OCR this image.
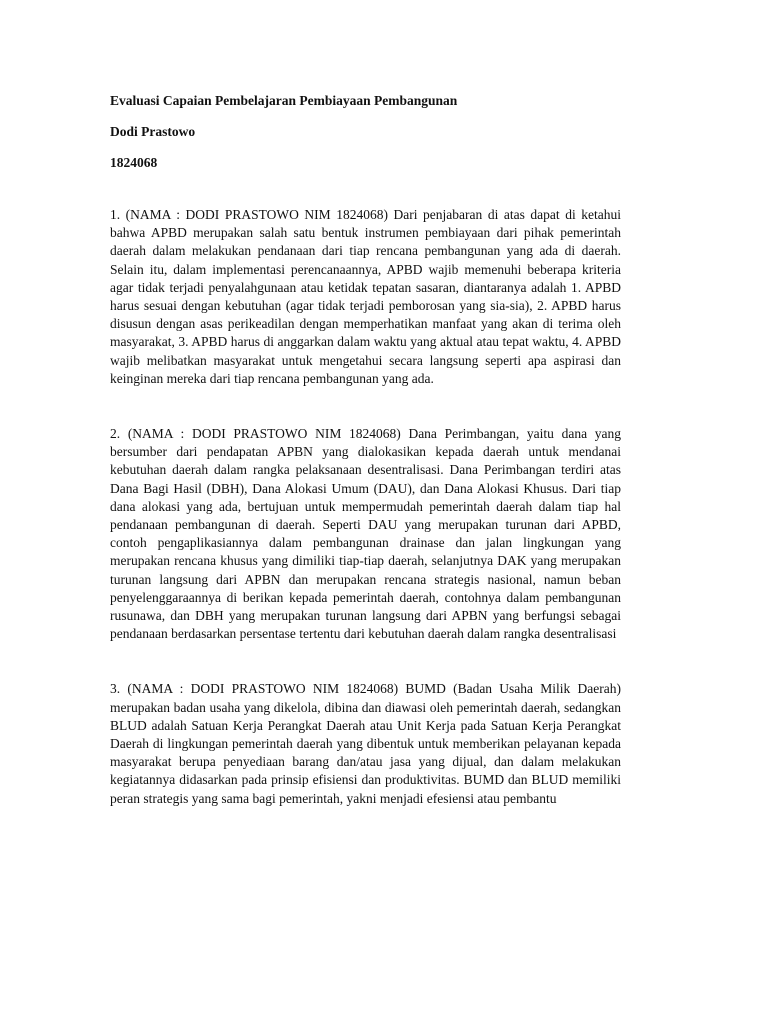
Evaluasi Capaian Pembelajaran Pembiayaan Pembangunan

Dodi Prastowo

1824068

1. (NAMA : DODI PRASTOWO NIM 1824068) Dari penjabaran di atas dapat di ketahui bahwa APBD merupakan salah satu bentuk instrumen pembiayaan dari pihak pemerintah daerah dalam melakukan pendanaan dari tiap rencana pembangunan yang ada di daerah. Selain itu, dalam implementasi perencanaannya, APBD wajib memenuhi beberapa kriteria agar tidak terjadi penyalahgunaan atau ketidak tepatan sasaran, diantaranya adalah 1. APBD harus sesuai dengan kebutuhan (agar tidak terjadi pemborosan yang sia-sia), 2. APBD harus disusun dengan asas perikeadilan dengan memperhatikan manfaat yang akan di terima oleh masyarakat, 3. APBD harus di anggarkan dalam waktu yang aktual atau tepat waktu, 4. APBD wajib melibatkan masyarakat untuk mengetahui secara langsung seperti apa aspirasi dan keinginan mereka dari tiap rencana pembangunan yang ada.

2. (NAMA : DODI PRASTOWO NIM 1824068) Dana Perimbangan, yaitu dana yang bersumber dari pendapatan APBN yang dialokasikan kepada daerah untuk mendanai kebutuhan daerah dalam rangka pelaksanaan desentralisasi. Dana Perimbangan terdiri atas Dana Bagi Hasil (DBH), Dana Alokasi Umum (DAU), dan Dana Alokasi Khusus. Dari tiap dana alokasi yang ada, bertujuan untuk mempermudah pemerintah daerah dalam tiap hal pendanaan pembangunan di daerah. Seperti DAU yang merupakan turunan dari APBD, contoh pengaplikasiannya dalam pembangunan drainase dan jalan lingkungan yang merupakan rencana khusus yang dimiliki tiap-tiap daerah, selanjutnya DAK yang merupakan turunan langsung dari APBN dan merupakan rencana strategis nasional, namun beban penyelenggaraannya di berikan kepada pemerintah daerah, contohnya dalam pembangunan rusunawa, dan DBH yang merupakan turunan langsung dari APBN yang berfungsi sebagai pendanaan berdasarkan persentase tertentu dari kebutuhan daerah dalam rangka desentralisasi

3. (NAMA : DODI PRASTOWO NIM 1824068) BUMD (Badan Usaha Milik Daerah) merupakan badan usaha yang dikelola, dibina dan diawasi oleh pemerintah daerah, sedangkan BLUD adalah Satuan Kerja Perangkat Daerah atau Unit Kerja pada Satuan Kerja Perangkat Daerah di lingkungan pemerintah daerah yang dibentuk untuk memberikan pelayanan kepada masyarakat berupa penyediaan barang dan/atau jasa yang dijual, dan dalam melakukan kegiatannya didasarkan pada prinsip efisiensi dan produktivitas. BUMD dan BLUD memiliki peran strategis yang sama bagi pemerintah, yakni menjadi efesiensi atau pembantu
